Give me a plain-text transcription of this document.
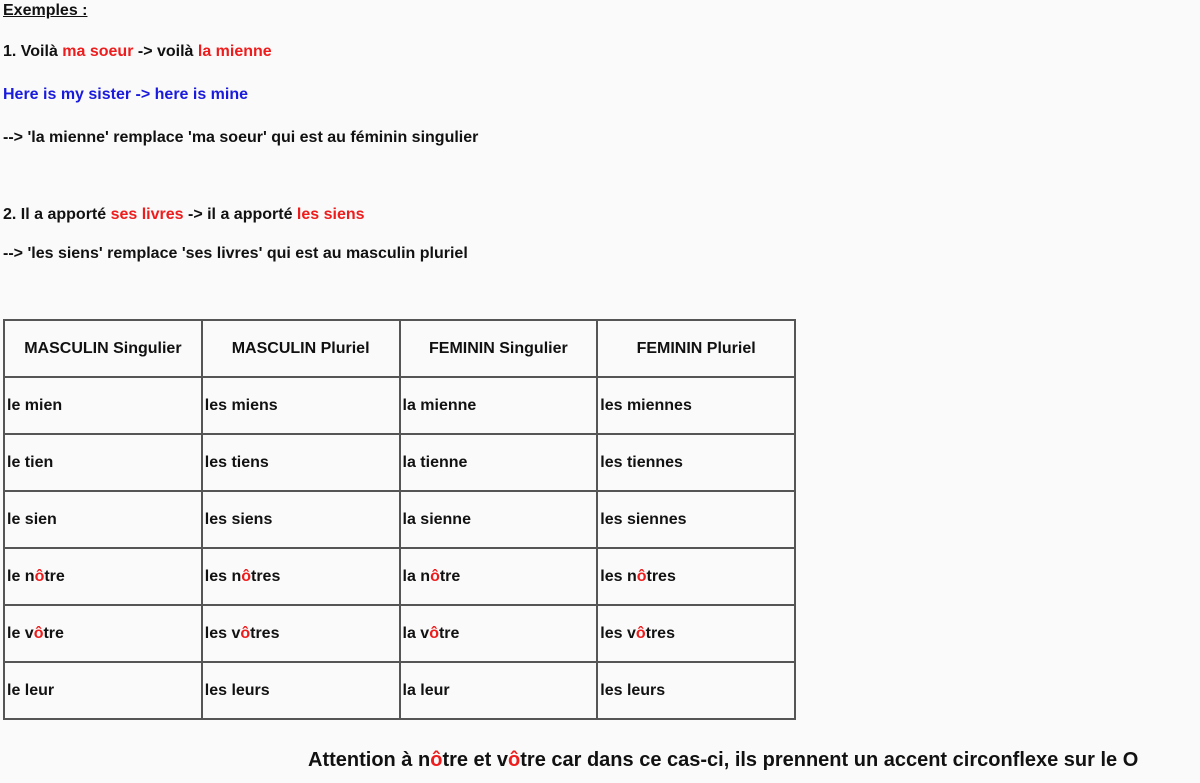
Exemples :
1. Voilà ma soeur -> voilà la mienne
Here is my sister -> here is mine
--> 'la mienne' remplace 'ma soeur' qui est au féminin singulier
2. Il a apporté ses livres -> il a apporté les siens
--> 'les siens' remplace 'ses livres' qui est au masculin pluriel
MASCULIN Singulier	MASCULIN Pluriel	FEMININ Singulier	FEMININ Pluriel
le mien	les miens	la mienne	les miennes
le tien	les tiens	la tienne	les tiennes
le sien	les siens	la sienne	les siennes
le nôtre	les nôtres	la nôtre	les nôtres
le vôtre	les vôtres	la vôtre	les vôtres
le leur	les leurs	la leur	les leurs
Attention à nôtre et vôtre car dans ce cas-ci, ils prennent un accent circonflexe sur le O
